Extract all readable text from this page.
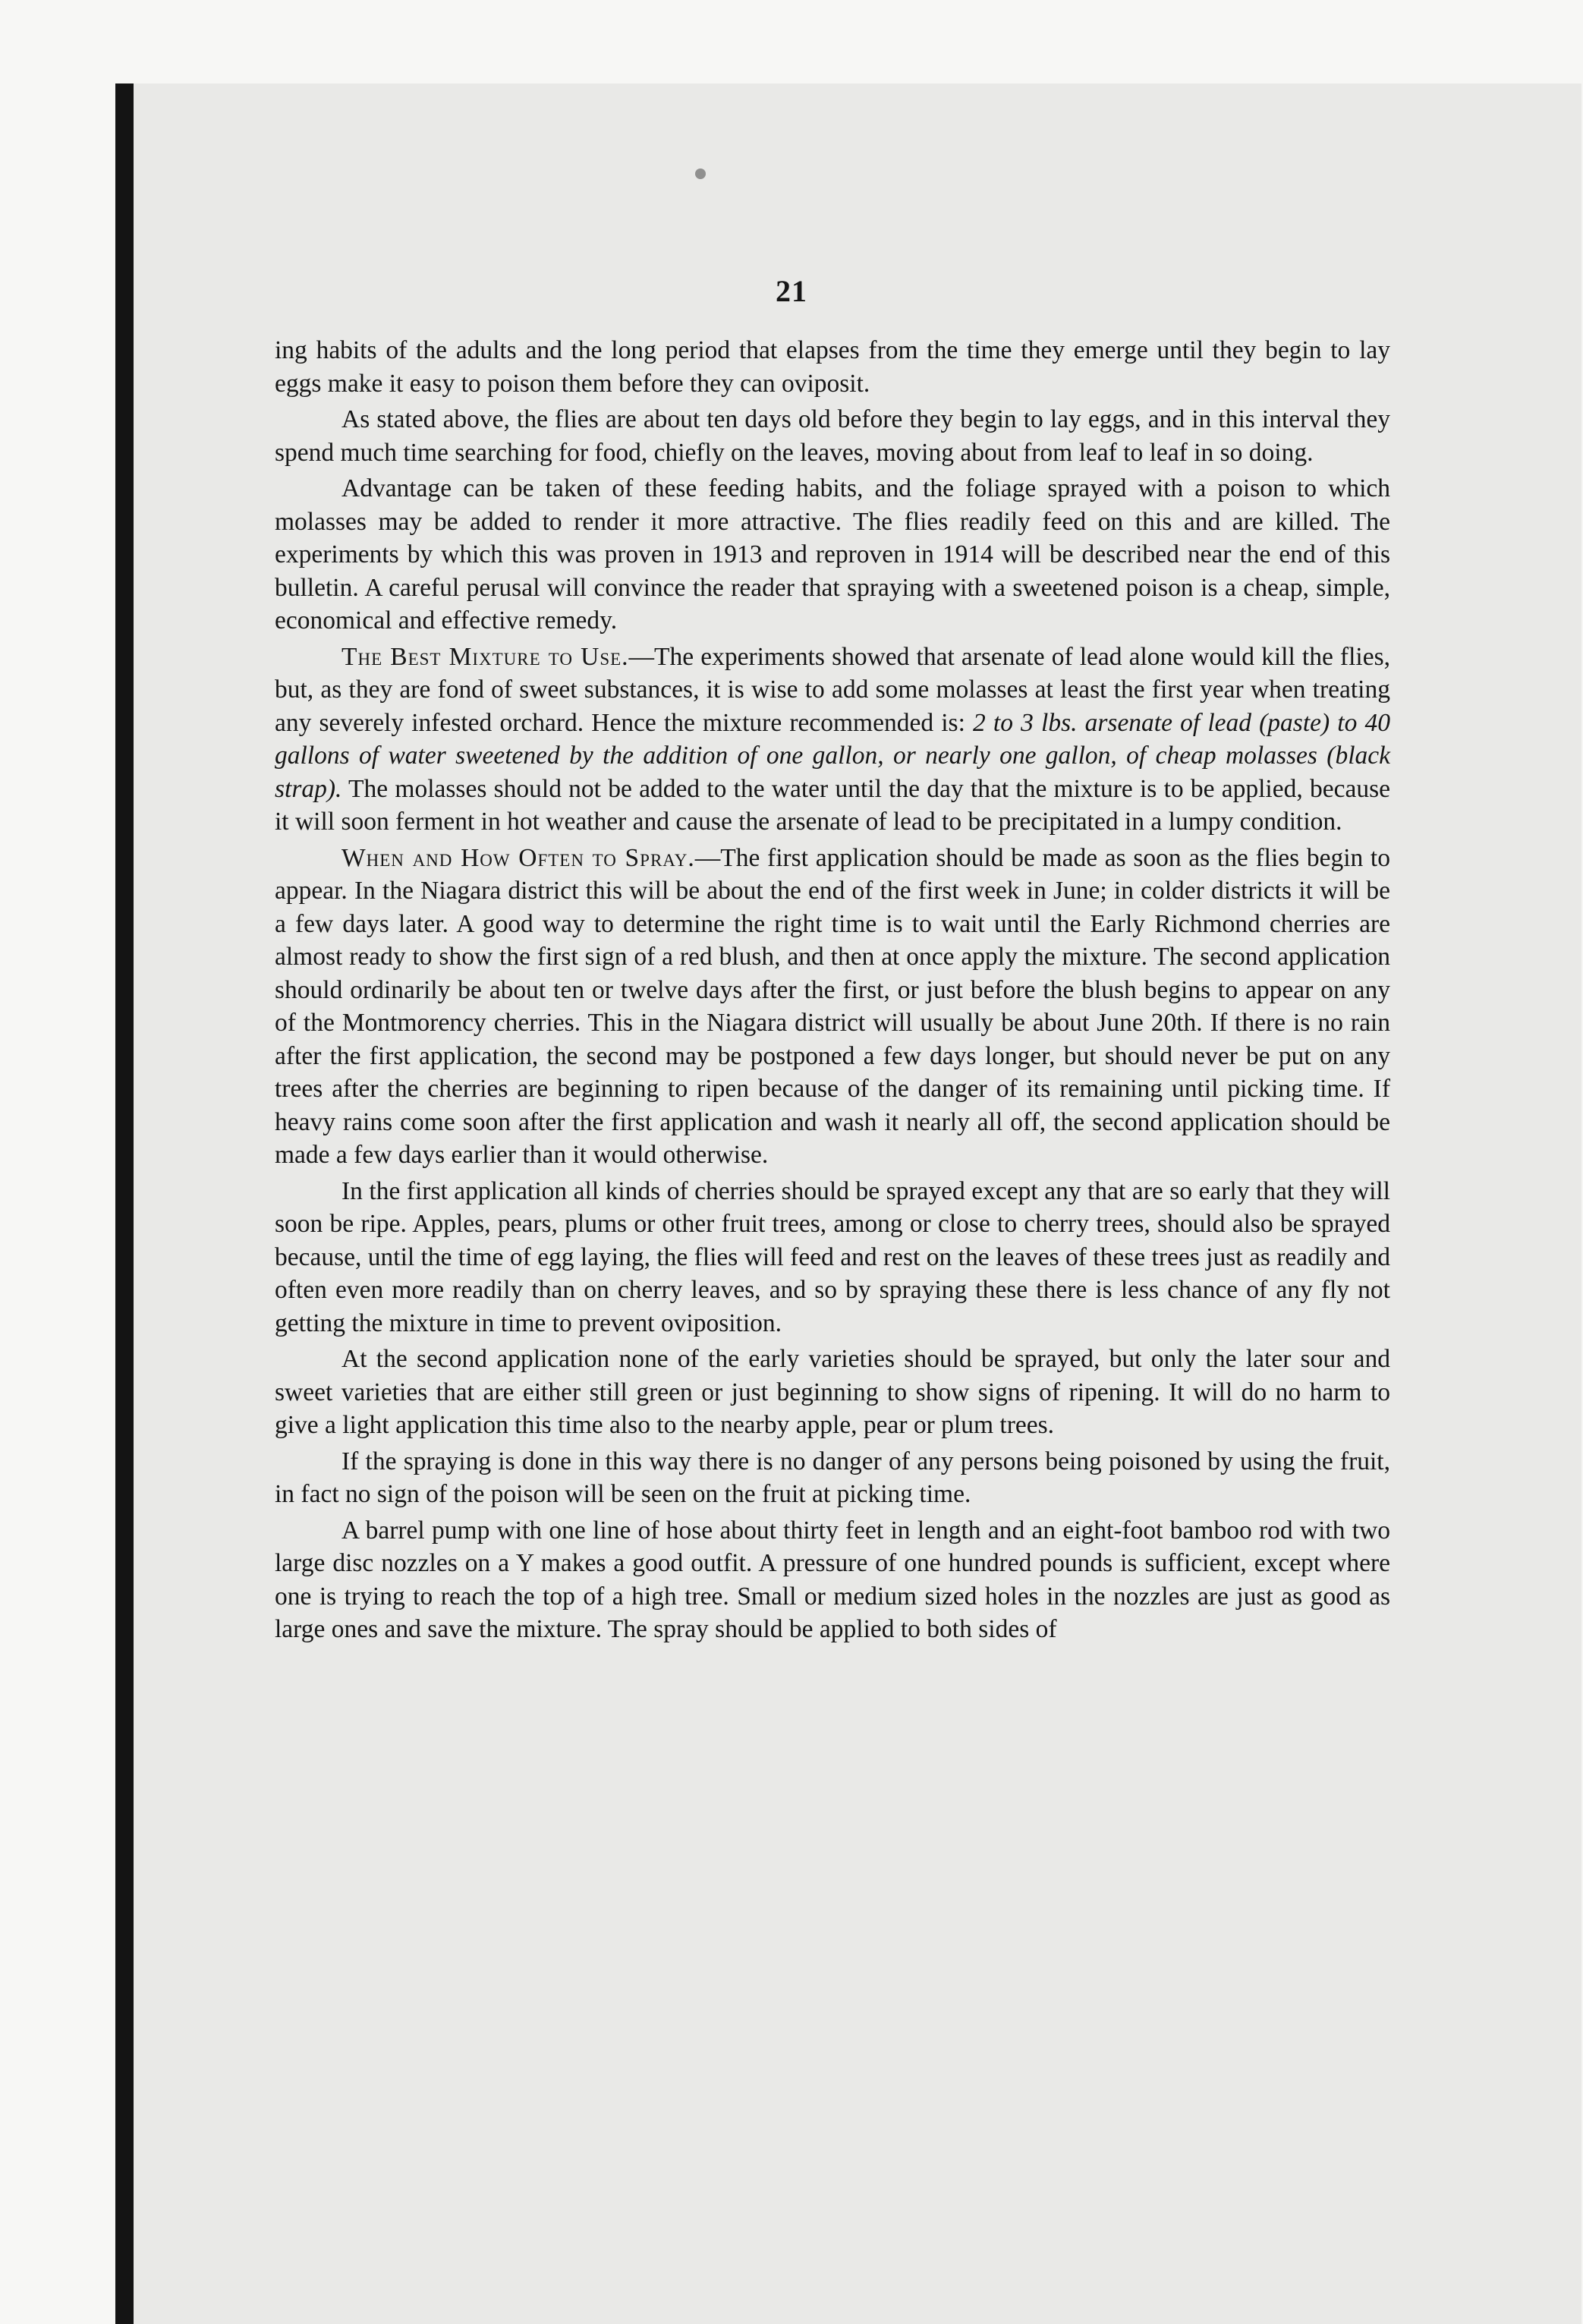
21

ing habits of the adults and the long period that elapses from the time they emerge until they begin to lay eggs make it easy to poison them before they can oviposit.

As stated above, the flies are about ten days old before they begin to lay eggs, and in this interval they spend much time searching for food, chiefly on the leaves, moving about from leaf to leaf in so doing.

Advantage can be taken of these feeding habits, and the foliage sprayed with a poison to which molasses may be added to render it more attractive. The flies readily feed on this and are killed. The experiments by which this was proven in 1913 and reproven in 1914 will be described near the end of this bulletin. A careful perusal will convince the reader that spraying with a sweetened poison is a cheap, simple, economical and effective remedy.

The Best Mixture to Use.—The experiments showed that arsenate of lead alone would kill the flies, but, as they are fond of sweet substances, it is wise to add some molasses at least the first year when treating any severely infested orchard. Hence the mixture recommended is: 2 to 3 lbs. arsenate of lead (paste) to 40 gallons of water sweetened by the addition of one gallon, or nearly one gallon, of cheap molasses (black strap). The molasses should not be added to the water until the day that the mixture is to be applied, because it will soon ferment in hot weather and cause the arsenate of lead to be precipitated in a lumpy condition.

When and How Often to Spray.—The first application should be made as soon as the flies begin to appear. In the Niagara district this will be about the end of the first week in June; in colder districts it will be a few days later. A good way to determine the right time is to wait until the Early Richmond cherries are almost ready to show the first sign of a red blush, and then at once apply the mixture. The second application should ordinarily be about ten or twelve days after the first, or just before the blush begins to appear on any of the Montmorency cherries. This in the Niagara district will usually be about June 20th. If there is no rain after the first application, the second may be postponed a few days longer, but should never be put on any trees after the cherries are beginning to ripen because of the danger of its remaining until picking time. If heavy rains come soon after the first application and wash it nearly all off, the second application should be made a few days earlier than it would otherwise.

In the first application all kinds of cherries should be sprayed except any that are so early that they will soon be ripe. Apples, pears, plums or other fruit trees, among or close to cherry trees, should also be sprayed because, until the time of egg laying, the flies will feed and rest on the leaves of these trees just as readily and often even more readily than on cherry leaves, and so by spraying these there is less chance of any fly not getting the mixture in time to prevent oviposition.

At the second application none of the early varieties should be sprayed, but only the later sour and sweet varieties that are either still green or just beginning to show signs of ripening. It will do no harm to give a light application this time also to the nearby apple, pear or plum trees.

If the spraying is done in this way there is no danger of any persons being poisoned by using the fruit, in fact no sign of the poison will be seen on the fruit at picking time.

A barrel pump with one line of hose about thirty feet in length and an eight-foot bamboo rod with two large disc nozzles on a Y makes a good outfit. A pressure of one hundred pounds is sufficient, except where one is trying to reach the top of a high tree. Small or medium sized holes in the nozzles are just as good as large ones and save the mixture. The spray should be applied to both sides of
